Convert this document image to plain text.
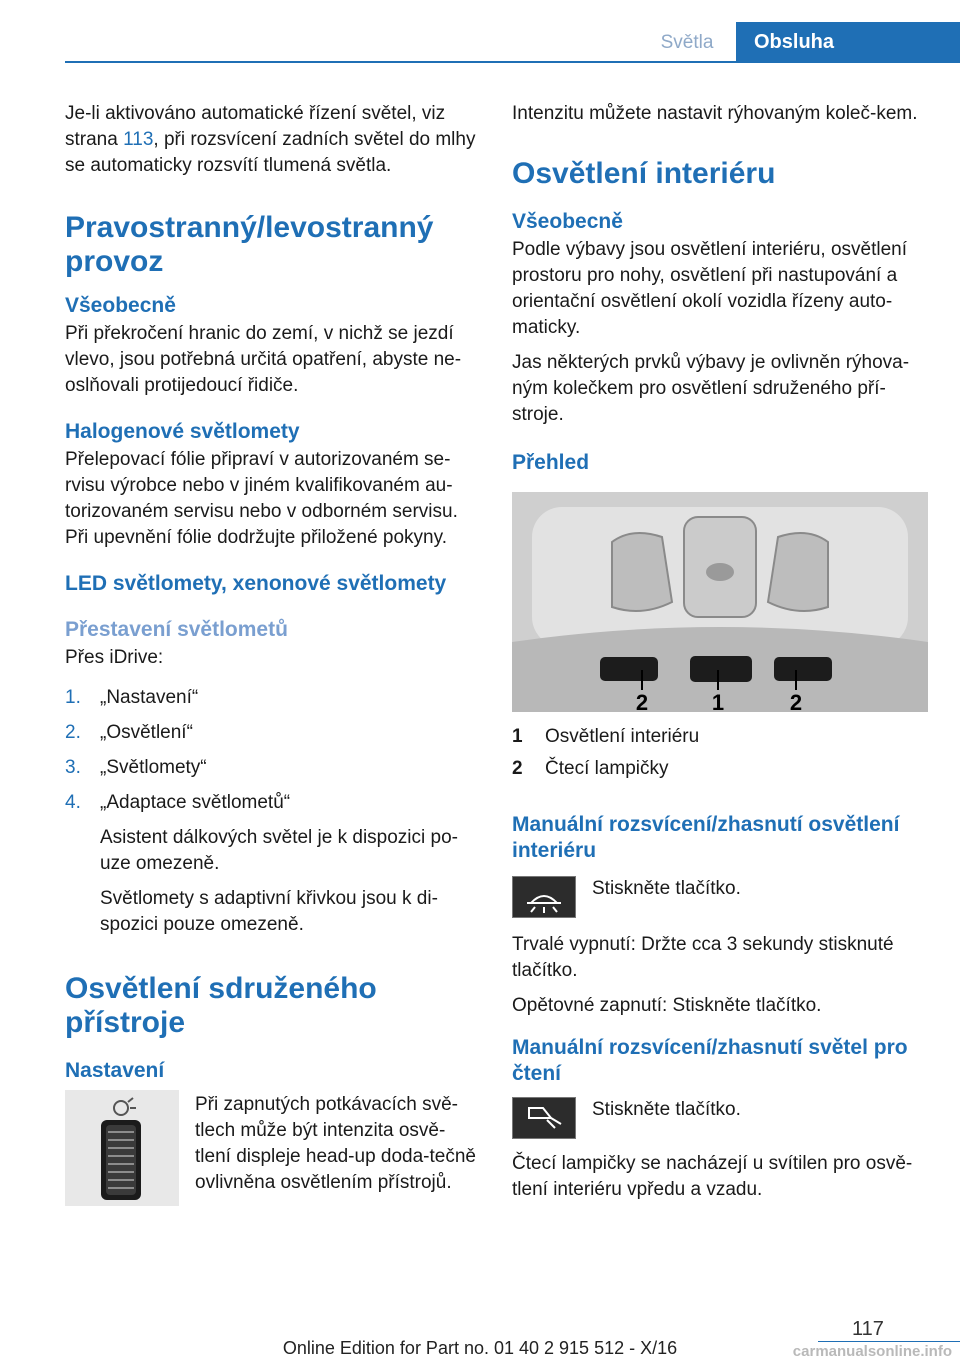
Světla	Obsluha

Je-li aktivováno automatické řízení světel, viz strana 113, při rozsvícení zadních světel do mlhy se automaticky rozsvítí tlumená světla.

Pravostranný/levostranný provoz
Všeobecně

Při překročení hranic do zemí, v nichž se jezdí vlevo, jsou potřebná určitá opatření, abyste ne-oslňovali protijedoucí řidiče.

Halogenové světlomety

Přelepovací fólie připraví v autorizovaném se-rvisu výrobce nebo v jiném kvalifikovaném au-torizovaném servisu nebo v odborném servisu. Při upevnění fólie dodržujte přiložené pokyny.

LED světlomety, xenonové světlomety
Přestavení světlometů

Přes iDrive:

1. „Nastavení“
2. „Osvětlení“
3. „Světlomety“
4. „Adaptace světlometů“

Asistent dálkových světel je k dispozici po-uze omezeně.

Světlomety s adaptivní křivkou jsou k di-spozici pouze omezeně.

Osvětlení sdruženého přístroje
Nastavení

Při zapnutých potkávacích svě-tlech může být intenzita osvě-tlení displeje head-up doda-tečně ovlivněna osvětlením přístrojů.

Intenzitu můžete nastavit rýhovaným koleč-kem.

Osvětlení interiéru
Všeobecně

Podle výbavy jsou osvětlení interiéru, osvětlení prostoru pro nohy, osvětlení při nastupování a orientační osvětlení okolí vozidla řízeny auto-maticky.

Jas některých prvků výbavy je ovlivněn rýhova-ným kolečkem pro osvětlení sdruženého pří-stroje.

Přehled
2	1	2
1	Osvětlení interiéru
2	Čtecí lampičky
Manuální rozsvícení/zhasnutí osvětlení interiéru

Stiskněte tlačítko.

Trvalé vypnutí: Držte cca 3 sekundy stisknuté tlačítko.

Opětovné zapnutí: Stiskněte tlačítko.

Manuální rozsvícení/zhasnutí světel pro čtení

Stiskněte tlačítko.

Čtecí lampičky se nacházejí u svítilen pro osvě-tlení interiéru vpředu a vzadu.

117
Online Edition for Part no. 01 40 2 915 512 - X/16	carmanualsonline.info
